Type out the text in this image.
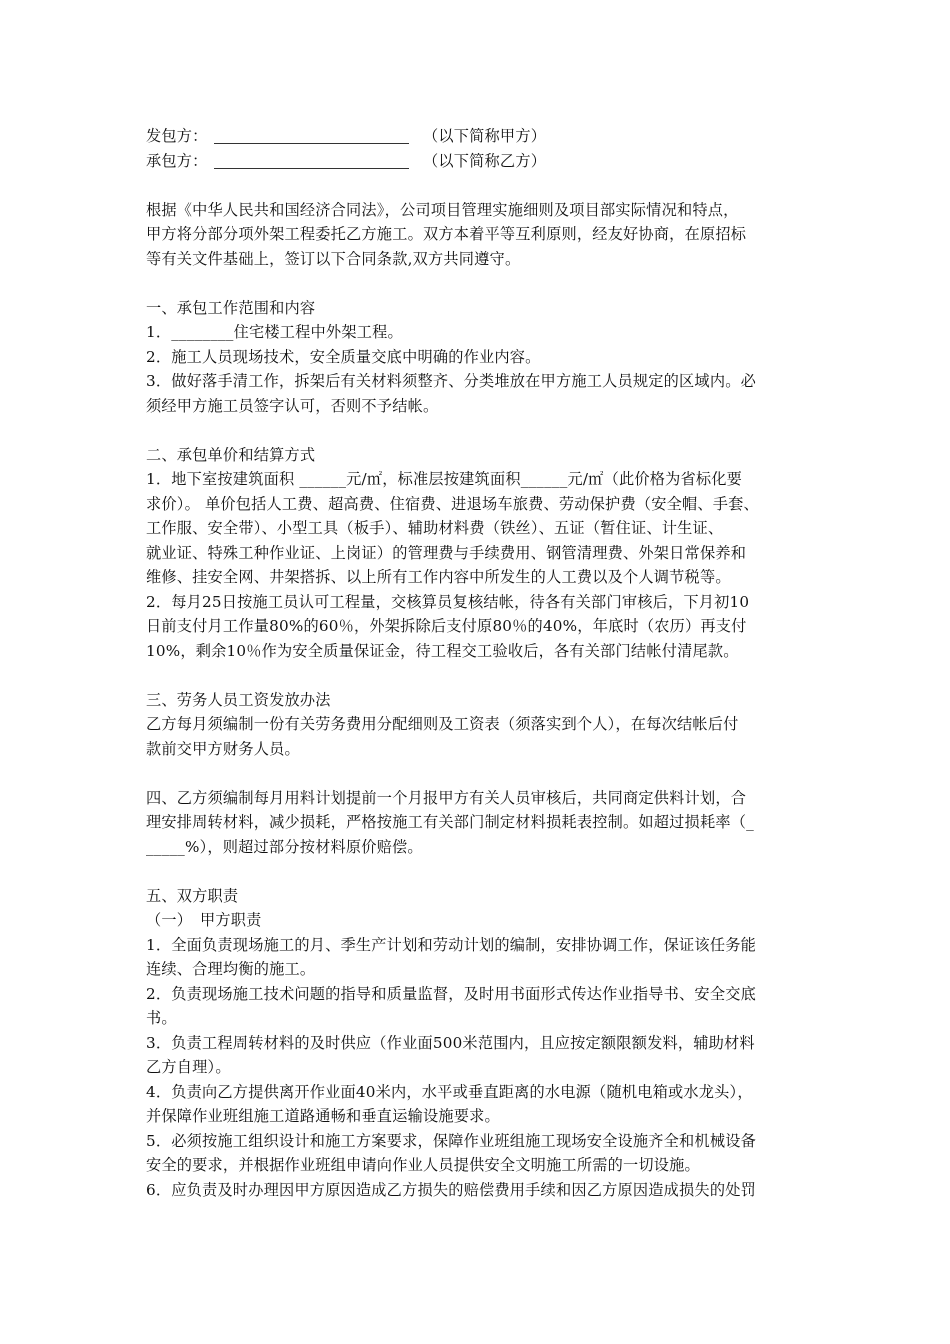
发包方：	（以下简称甲方）
承包方：	（以下简称乙方）
根据《中华人民共和国经济合同法》，公司项目管理实施细则及项目部实际情况和特点，
甲方将分部分项外架工程委托乙方施工。双方本着平等互利原则，经友好协商，在原招标
等有关文件基础上，签订以下合同条款,双方共同遵守。
一、承包工作范围和内容
1．________住宅楼工程中外架工程。
2．施工人员现场技术，安全质量交底中明确的作业内容。
3．做好落手清工作，拆架后有关材料须整齐、分类堆放在甲方施工人员规定的区域内。必
须经甲方施工员签字认可，否则不予结帐。
二、承包单价和结算方式
1．地下室按建筑面积 ______元/㎡，标准层按建筑面积______元/㎡（此价格为省标化要
求价）。 单价包括人工费、超高费、住宿费、进退场车旅费、劳动保护费（安全帽、手套、
工作服、安全带）、小型工具（板手）、辅助材料费（铁丝）、五证（暂住证、计生证、
就业证、特殊工种作业证、上岗证）的管理费与手续费用、钢管清理费、外架日常保养和
维修、挂安全网、井架搭拆、以上所有工作内容中所发生的人工费以及个人调节税等。
2．每月25日按施工员认可工程量，交核算员复核结帐，待各有关部门审核后，下月初10
日前支付月工作量80%的60％，外架拆除后支付原80％的40%，年底时（农历）再支付
10%，剩余10％作为安全质量保证金，待工程交工验收后，各有关部门结帐付清尾款。
三、劳务人员工资发放办法
乙方每月须编制一份有关劳务费用分配细则及工资表（须落实到个人），在每次结帐后付
款前交甲方财务人员。
四、乙方须编制每月用料计划提前一个月报甲方有关人员审核后，共同商定供料计划，合
理安排周转材料，减少损耗，严格按施工有关部门制定材料损耗表控制。如超过损耗率（_
_____%），则超过部分按材料原价赔偿。
五、双方职责
（一）　甲方职责
1．全面负责现场施工的月、季生产计划和劳动计划的编制，安排协调工作，保证该任务能
连续、合理均衡的施工。
2．负责现场施工技术问题的指导和质量监督，及时用书面形式传达作业指导书、安全交底
书。
3．负责工程周转材料的及时供应（作业面500米范围内，且应按定额限额发料，辅助材料
乙方自理）。
4．负责向乙方提供离开作业面40米内，水平或垂直距离的水电源（随机电箱或水龙头），
并保障作业班组施工道路通畅和垂直运输设施要求。
5．必须按施工组织设计和施工方案要求，保障作业班组施工现场安全设施齐全和机械设备
安全的要求，并根据作业班组申请向作业人员提供安全文明施工所需的一切设施。
6．应负责及时办理因甲方原因造成乙方损失的赔偿费用手续和因乙方原因造成损失的处罚
